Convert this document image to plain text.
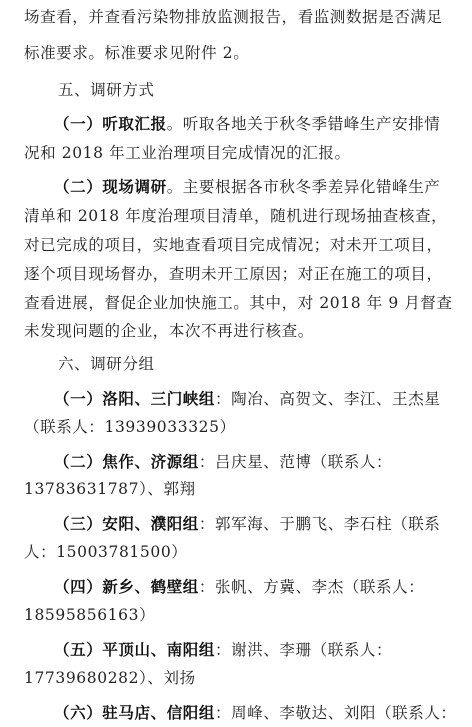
场查看，并查看污染物排放监测报告，看监测数据是否满足
标准要求。标准要求见附件 2。
五、调研方式
（一）听取汇报。听取各地关于秋冬季错峰生产安排情
况和 2018 年工业治理项目完成情况的汇报。
（二）现场调研。主要根据各市秋冬季差异化错峰生产
清单和 2018 年度治理项目清单，随机进行现场抽查核查，
对已完成的项目，实地查看项目完成情况；对未开工项目，
逐个项目现场督办，查明未开工原因；对正在施工的项目，
查看进展，督促企业加快施工。其中，对 2018 年 9 月督查
未发现问题的企业，本次不再进行核查。
六、调研分组
（一）洛阳、三门峡组：陶冶、高贺文、李江、王杰星
（联系人：13939033325）
（二）焦作、济源组：吕庆星、范博（联系人：
13783631787）、郭翔
（三）安阳、濮阳组：郭军海、于鹏飞、李石柱（联系
人：15003781500）
（四）新乡、鹤壁组：张帆、方冀、李杰（联系人：
18595856163）
（五）平顶山、南阳组：谢洪、李珊（联系人：
17739680282）、刘扬
（六）驻马店、信阳组：周峰、李敬达、刘阳（联系人：
